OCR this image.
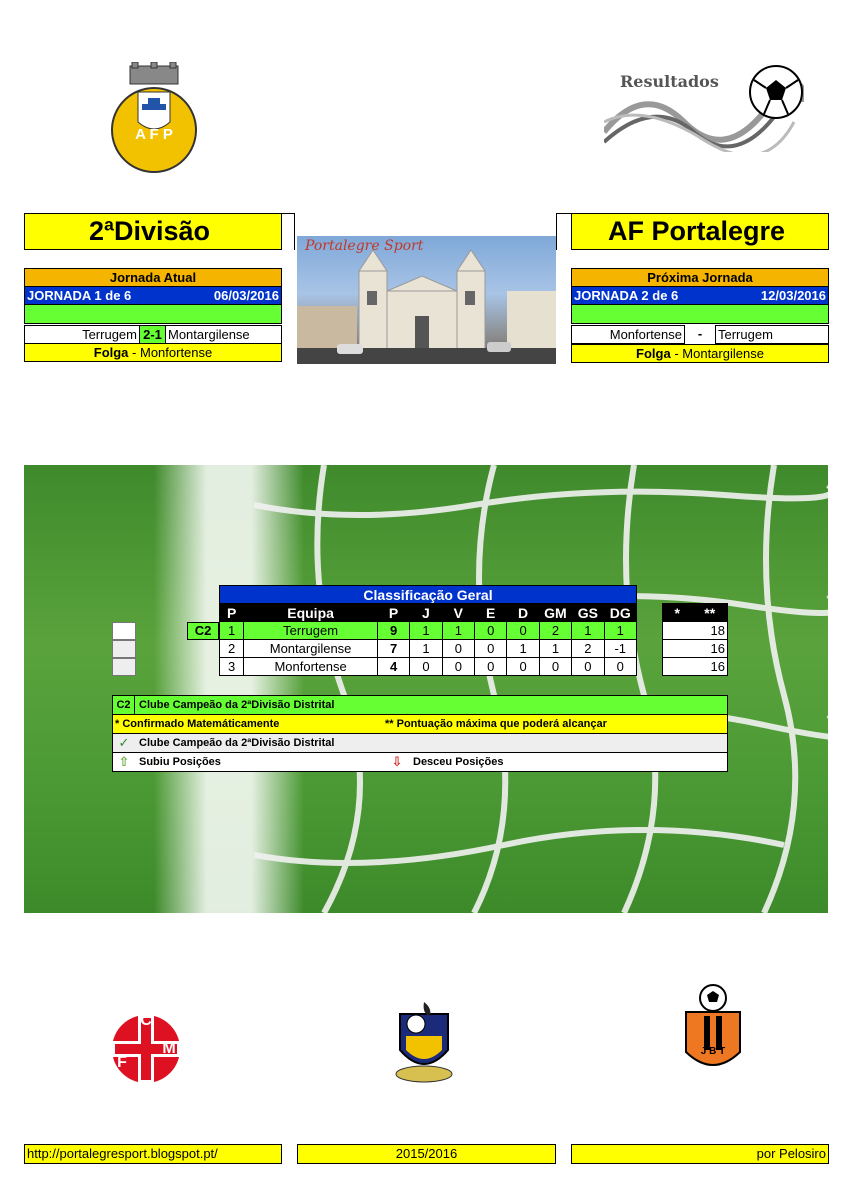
A F P
Resultados
2ªDivisão	AF Portalegre
Portalegre Sport
Jornada Atual
JORNADA 1 de 6	06/03/2016
Terrugem 2-1 Montargilense
Folga - Monfortense
Próxima Jornada
JORNADA 2 de 6	12/03/2016
Monfortense	-	Terrugem
Folga - Montargilense
Classificação Geral
C2
P	Equipa	P	J	V	E	D	GM	GS	DG
1	Terrugem	9	1	1	0	0	2	1	1
2	Montargilense	7	1	0	0	1	1	2	-1
3	Monfortense	4	0	0	0	0	0	0	0
*	**
	18
	16
	16
C2 Clube Campeão da 2ªDivisão Distrital
* Confirmado Matemáticamente	** Pontuação máxima que poderá alcançar
✓ Clube Campeão da 2ªDivisão Distrital
⇧ Subiu Posições	⇩ Desceu Posições
C
F
M	J B T
http://portalegresport.blogspot.pt/	2015/2016	por Pelosiro
